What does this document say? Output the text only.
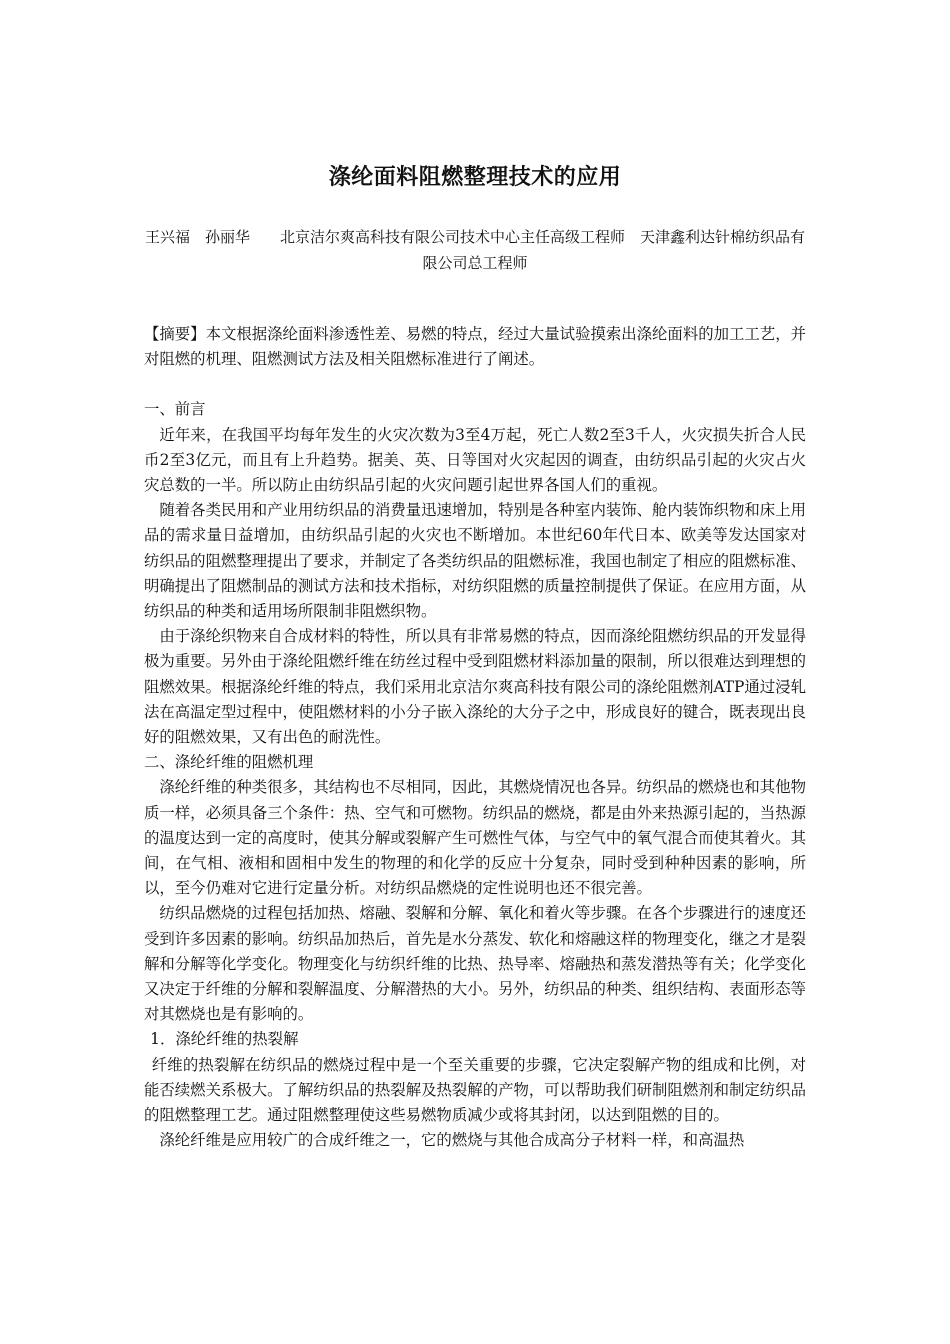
涤纶面料阻燃整理技术的应用

王兴福　孙丽华　　北京洁尔爽高科技有限公司技术中心主任高级工程师　天津鑫利达针棉纺织品有限公司总工程师

【摘要】本文根据涤纶面料渗透性差、易燃的特点，经过大量试验摸索出涤纶面料的加工工艺，并对阻燃的机理、阻燃测试方法及相关阻燃标准进行了阐述。

一、前言

近年来，在我国平均每年发生的火灾次数为3至4万起，死亡人数2至3千人，火灾损失折合人民币2至3亿元，而且有上升趋势。据美、英、日等国对火灾起因的调查，由纺织品引起的火灾占火灾总数的一半。所以防止由纺织品引起的火灾问题引起世界各国人们的重视。

随着各类民用和产业用纺织品的消费量迅速增加，特别是各种室内装饰、舱内装饰织物和床上用品的需求量日益增加，由纺织品引起的火灾也不断增加。本世纪60年代日本、欧美等发达国家对纺织品的阻燃整理提出了要求，并制定了各类纺织品的阻燃标准，我国也制定了相应的阻燃标准、明确提出了阻燃制品的测试方法和技术指标，对纺织阻燃的质量控制提供了保证。在应用方面，从纺织品的种类和适用场所限制非阻燃织物。

由于涤纶织物来自合成材料的特性，所以具有非常易燃的特点，因而涤纶阻燃纺织品的开发显得极为重要。另外由于涤纶阻燃纤维在纺丝过程中受到阻燃材料添加量的限制，所以很难达到理想的阻燃效果。根据涤纶纤维的特点，我们采用北京洁尔爽高科技有限公司的涤纶阻燃剂ATP通过浸轧法在高温定型过程中，使阻燃材料的小分子嵌入涤纶的大分子之中，形成良好的键合，既表现出良好的阻燃效果，又有出色的耐洗性。

二、涤纶纤维的阻燃机理

涤纶纤维的种类很多，其结构也不尽相同，因此，其燃烧情况也各异。纺织品的燃烧也和其他物质一样，必须具备三个条件：热、空气和可燃物。纺织品的燃烧，都是由外来热源引起的，当热源的温度达到一定的高度时，使其分解或裂解产生可燃性气体，与空气中的氧气混合而使其着火。其间，在气相、液相和固相中发生的物理的和化学的反应十分复杂，同时受到种种因素的影响，所以，至今仍难对它进行定量分析。对纺织品燃烧的定性说明也还不很完善。

纺织品燃烧的过程包括加热、熔融、裂解和分解、氧化和着火等步骤。在各个步骤进行的速度还受到许多因素的影响。纺织品加热后，首先是水分蒸发、软化和熔融这样的物理变化，继之才是裂解和分解等化学变化。物理变化与纺织纤维的比热、热导率、熔融热和蒸发潜热等有关；化学变化又决定于纤维的分解和裂解温度、分解潜热的大小。另外，纺织品的种类、组织结构、表面形态等对其燃烧也是有影响的。

1．涤纶纤维的热裂解

纤维的热裂解在纺织品的燃烧过程中是一个至关重要的步骤，它决定裂解产物的组成和比例，对能否续燃关系极大。了解纺织品的热裂解及热裂解的产物，可以帮助我们研制阻燃剂和制定纺织品的阻燃整理工艺。通过阻燃整理使这些易燃物质减少或将其封闭，以达到阻燃的目的。

涤纶纤维是应用较广的合成纤维之一，它的燃烧与其他合成高分子材料一样，和高温热
